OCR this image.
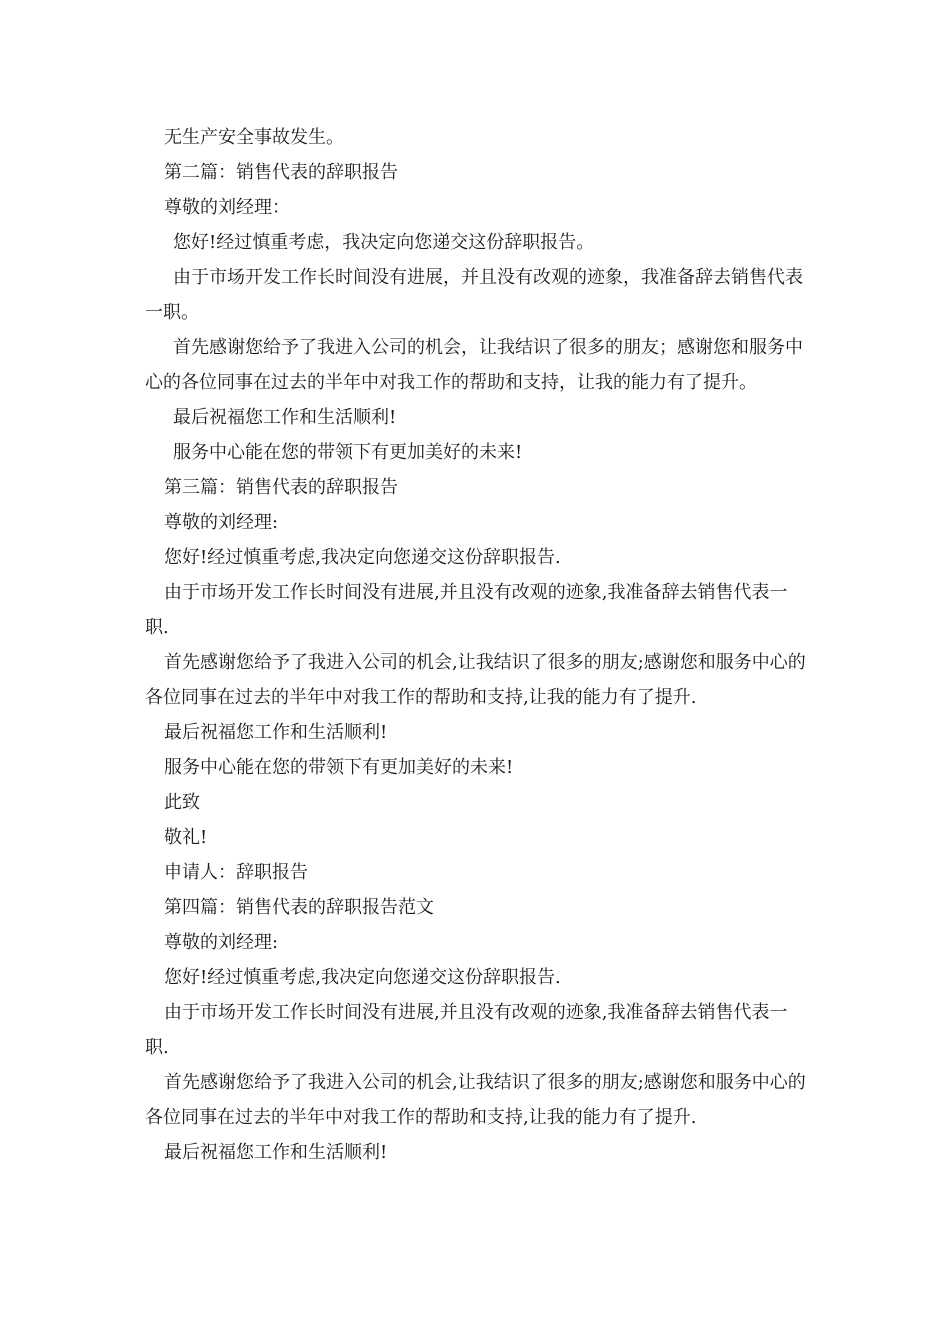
无生产安全事故发生。

第二篇：销售代表的辞职报告

尊敬的刘经理：

您好!经过慎重考虑，我决定向您递交这份辞职报告。

由于市场开发工作长时间没有进展，并且没有改观的迹象，我准备辞去销售代表一职。

首先感谢您给予了我进入公司的机会，让我结识了很多的朋友；感谢您和服务中心的各位同事在过去的半年中对我工作的帮助和支持，让我的能力有了提升。

最后祝福您工作和生活顺利!

服务中心能在您的带领下有更加美好的未来!

第三篇：销售代表的辞职报告

尊敬的刘经理:

您好!经过慎重考虑,我决定向您递交这份辞职报告.

由于市场开发工作长时间没有进展,并且没有改观的迹象,我准备辞去销售代表一职.

首先感谢您给予了我进入公司的机会,让我结识了很多的朋友;感谢您和服务中心的各位同事在过去的半年中对我工作的帮助和支持,让我的能力有了提升.

最后祝福您工作和生活顺利!

服务中心能在您的带领下有更加美好的未来!

此致

敬礼!

申请人：辞职报告

第四篇：销售代表的辞职报告范文

尊敬的刘经理:

您好!经过慎重考虑,我决定向您递交这份辞职报告.

由于市场开发工作长时间没有进展,并且没有改观的迹象,我准备辞去销售代表一职.

首先感谢您给予了我进入公司的机会,让我结识了很多的朋友;感谢您和服务中心的各位同事在过去的半年中对我工作的帮助和支持,让我的能力有了提升.

最后祝福您工作和生活顺利!
